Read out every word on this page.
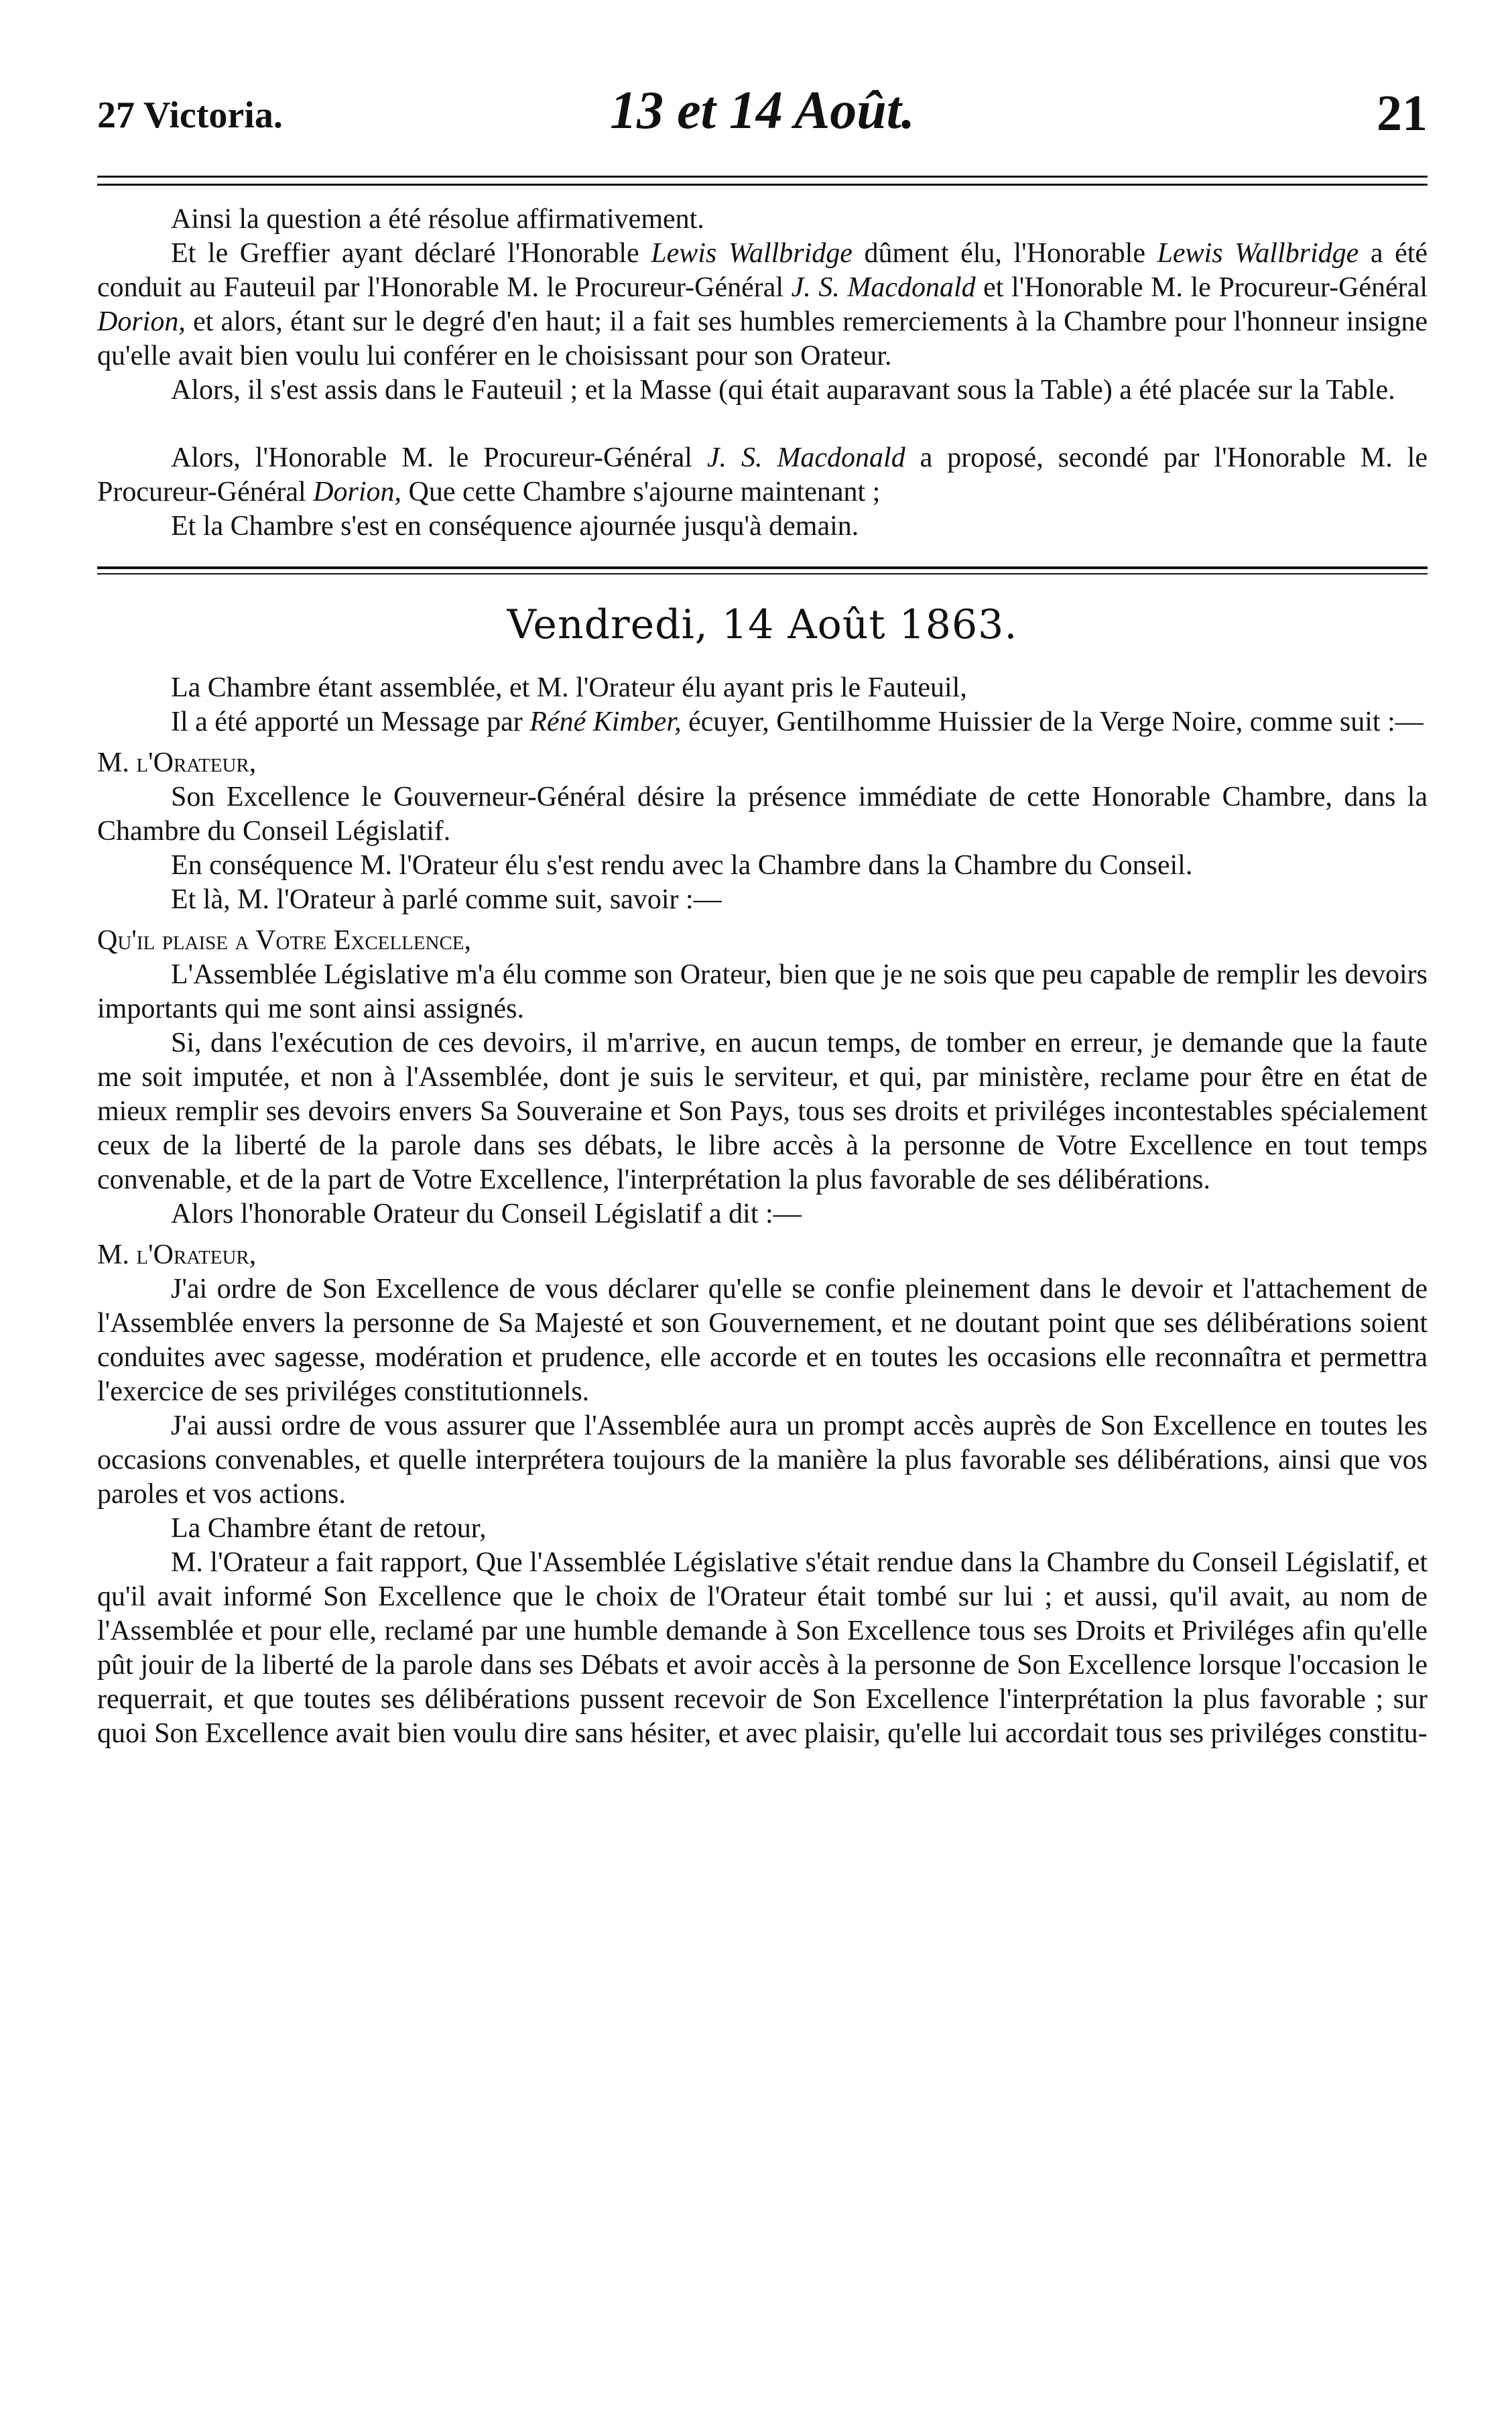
27 Victoria.	13 et 14 Août.	21

Ainsi la question a été résolue affirmativement.

Et le Greffier ayant déclaré l'Honorable Lewis Wallbridge dûment élu, l'Honorable Lewis Wallbridge a été conduit au Fauteuil par l'Honorable M. le Procureur-Général J. S. Macdonald et l'Honorable M. le Procureur-Général Dorion, et alors, étant sur le degré d'en haut; il a fait ses humbles remerciements à la Chambre pour l'honneur insigne qu'elle avait bien voulu lui conférer en le choisissant pour son Orateur.

Alors, il s'est assis dans le Fauteuil ; et la Masse (qui était auparavant sous la Table) a été placée sur la Table.

Alors, l'Honorable M. le Procureur-Général J. S. Macdonald a proposé, secondé par l'Honorable M. le Procureur-Général Dorion, Que cette Chambre s'ajourne maintenant ;

Et la Chambre s'est en conséquence ajournée jusqu'à demain.

Vendredi, 14 Août 1863.

La Chambre étant assemblée, et M. l'Orateur élu ayant pris le Fauteuil,

Il a été apporté un Message par Réné Kimber, écuyer, Gentilhomme Huissier de la Verge Noire, comme suit :—

M. l'Orateur,

Son Excellence le Gouverneur-Général désire la présence immédiate de cette Honorable Chambre, dans la Chambre du Conseil Législatif.

En conséquence M. l'Orateur élu s'est rendu avec la Chambre dans la Chambre du Conseil.

Et là, M. l'Orateur à parlé comme suit, savoir :—

Qu'il plaise a Votre Excellence,

L'Assemblée Législative m'a élu comme son Orateur, bien que je ne sois que peu capable de remplir les devoirs importants qui me sont ainsi assignés.

Si, dans l'exécution de ces devoirs, il m'arrive, en aucun temps, de tomber en erreur, je demande que la faute me soit imputée, et non à l'Assemblée, dont je suis le serviteur, et qui, par ministère, reclame pour être en état de mieux remplir ses devoirs envers Sa Souveraine et Son Pays, tous ses droits et priviléges incontestables spécialement ceux de la liberté de la parole dans ses débats, le libre accès à la personne de Votre Excellence en tout temps convenable, et de la part de Votre Excellence, l'interprétation la plus favorable de ses délibérations.

Alors l'honorable Orateur du Conseil Législatif a dit :—

M. l'Orateur,

J'ai ordre de Son Excellence de vous déclarer qu'elle se confie pleinement dans le devoir et l'attachement de l'Assemblée envers la personne de Sa Majesté et son Gouvernement, et ne doutant point que ses délibérations soient conduites avec sagesse, modération et prudence, elle accorde et en toutes les occasions elle reconnaîtra et permettra l'exercice de ses priviléges constitutionnels.

J'ai aussi ordre de vous assurer que l'Assemblée aura un prompt accès auprès de Son Excellence en toutes les occasions convenables, et quelle interprétera toujours de la manière la plus favorable ses délibérations, ainsi que vos paroles et vos actions.

La Chambre étant de retour,

M. l'Orateur a fait rapport, Que l'Assemblée Législative s'était rendue dans la Chambre du Conseil Législatif, et qu'il avait informé Son Excellence que le choix de l'Orateur était tombé sur lui ; et aussi, qu'il avait, au nom de l'Assemblée et pour elle, reclamé par une humble demande à Son Excellence tous ses Droits et Priviléges afin qu'elle pût jouir de la liberté de la parole dans ses Débats et avoir accès à la personne de Son Excellence lorsque l'occasion le requerrait, et que toutes ses délibérations pussent recevoir de Son Excellence l'interprétation la plus favorable ; sur quoi Son Excellence avait bien voulu dire sans hésiter, et avec plaisir, qu'elle lui accordait tous ses priviléges constitu-
